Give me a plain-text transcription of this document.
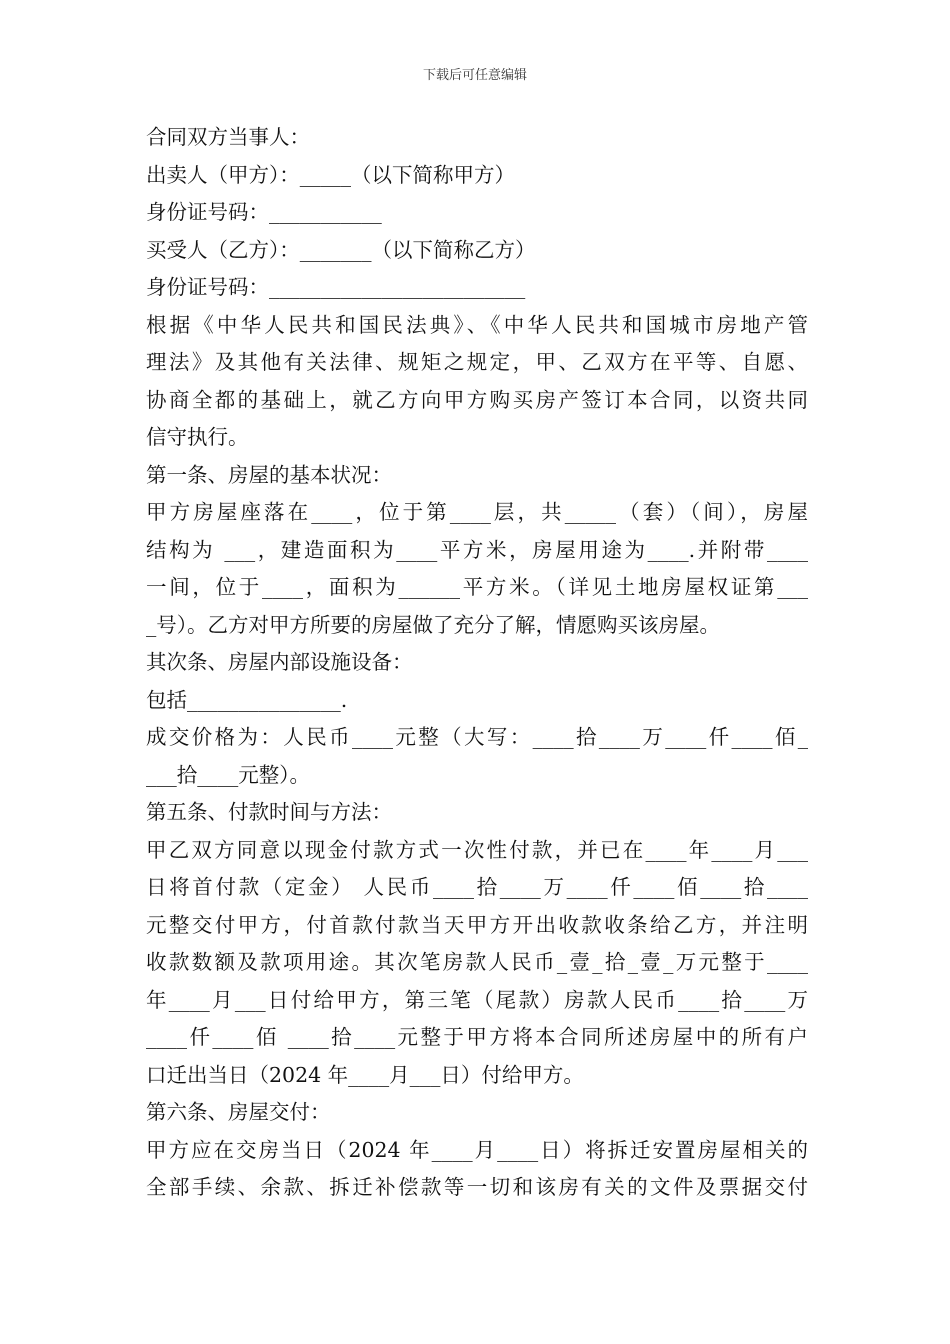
下载后可任意编辑
合同双方当事人：
出卖人（甲方）：_____（以下简称甲方）
身份证号码：___________
买受人（乙方）：_______（以下简称乙方）
身份证号码：_________________________
根据《中华人民共和国民法典》、《中华人民共和国城市房地产管
理法》及其他有关法律、规矩之规定，甲、乙双方在平等、自愿、
协商全都的基础上，就乙方向甲方购买房产签订本合同，以资共同
信守执行。
第一条、房屋的基本状况：
甲方房屋座落在____，位于第____层，共_____（套）（间），房屋
结构为 ___，建造面积为____平方米，房屋用途为____.并附带____
一间，位于____，面积为______平方米。（详见土地房屋权证第___
_号）。乙方对甲方所要的房屋做了充分了解，情愿购买该房屋。
其次条、房屋内部设施设备：
包括_______________.
成交价格为：人民币____元整（大写：____拾____万____仟____佰_
___拾____元整）。
第五条、付款时间与方法：
甲乙双方同意以现金付款方式一次性付款，并已在____年____月___
日将首付款（定金） 人民币____拾____万____仟____佰____拾____
元整交付甲方，付首款付款当天甲方开出收款收条给乙方，并注明
收款数额及款项用途。其次笔房款人民币_壹_拾_壹_万元整于____
年____月___日付给甲方，第三笔（尾款）房款人民币____拾____万
____仟____佰 ____拾____元整于甲方将本合同所述房屋中的所有户
口迁出当日（2024 年____月___日）付给甲方。
第六条、房屋交付：
甲方应在交房当日（2024 年____月____日）将拆迁安置房屋相关的
全部手续、余款、拆迁补偿款等一切和该房有关的文件及票据交付
